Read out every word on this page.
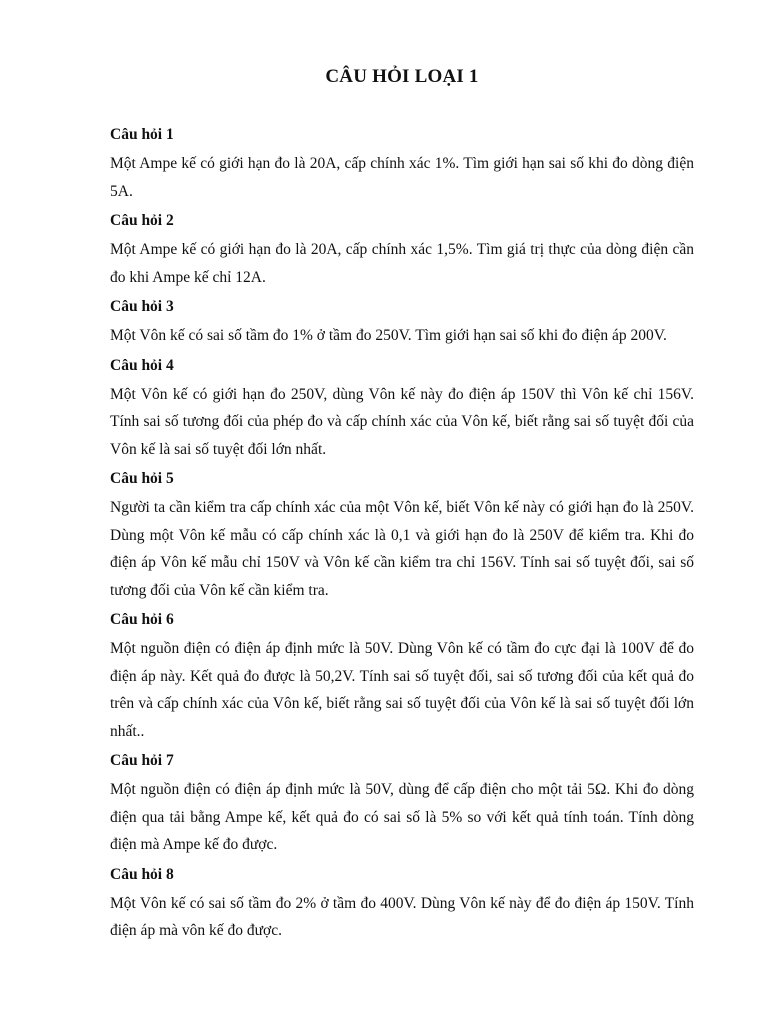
CÂU HỎI LOẠI 1
Câu hỏi 1

Một Ampe kế có giới hạn đo là 20A, cấp chính xác 1%. Tìm giới hạn sai số khi đo dòng điện 5A.

Câu hỏi 2

Một Ampe kế có giới hạn đo là 20A, cấp chính xác 1,5%. Tìm giá trị thực của dòng điện cần đo khi Ampe kế chỉ 12A.

Câu hỏi 3

Một Vôn kế có sai số tầm đo 1% ở tầm đo 250V. Tìm giới hạn sai số khi đo điện áp 200V.

Câu hỏi 4

Một Vôn kế có giới hạn đo 250V, dùng Vôn kế này đo điện áp 150V thì Vôn kế chỉ 156V. Tính sai số tương đối của phép đo và cấp chính xác của Vôn kế, biết rằng sai số tuyệt đối của Vôn kế là sai số tuyệt đối lớn nhất.

Câu hỏi 5

Người ta cần kiểm tra cấp chính xác của một Vôn kế, biết Vôn kế này có giới hạn đo là 250V. Dùng một Vôn kế mẫu có cấp chính xác là 0,1 và giới hạn đo là 250V để kiểm tra. Khi đo điện áp Vôn kế mẫu chỉ 150V và Vôn kế cần kiểm tra chỉ 156V. Tính sai số tuyệt đối, sai số tương đối của Vôn kế cần kiểm tra.

Câu hỏi 6

Một nguồn điện có điện áp định mức là 50V. Dùng Vôn kế có tầm đo cực đại là 100V để đo điện áp này. Kết quả đo được là 50,2V. Tính sai số tuyệt đối, sai số tương đối của kết quả đo trên và cấp chính xác của Vôn kế, biết rằng sai số tuyệt đối của Vôn kế là sai số tuyệt đối lớn nhất..

Câu hỏi 7

Một nguồn điện có điện áp định mức là 50V, dùng để cấp điện cho một tải 5Ω. Khi đo dòng điện qua tải bằng Ampe kế, kết quả đo có sai số là 5% so với kết quả tính toán. Tính dòng điện mà Ampe kế đo được.

Câu hỏi 8

Một Vôn kế có sai số tầm đo 2% ở tầm đo 400V. Dùng Vôn kế này để đo điện áp 150V. Tính điện áp mà vôn kế đo được.
